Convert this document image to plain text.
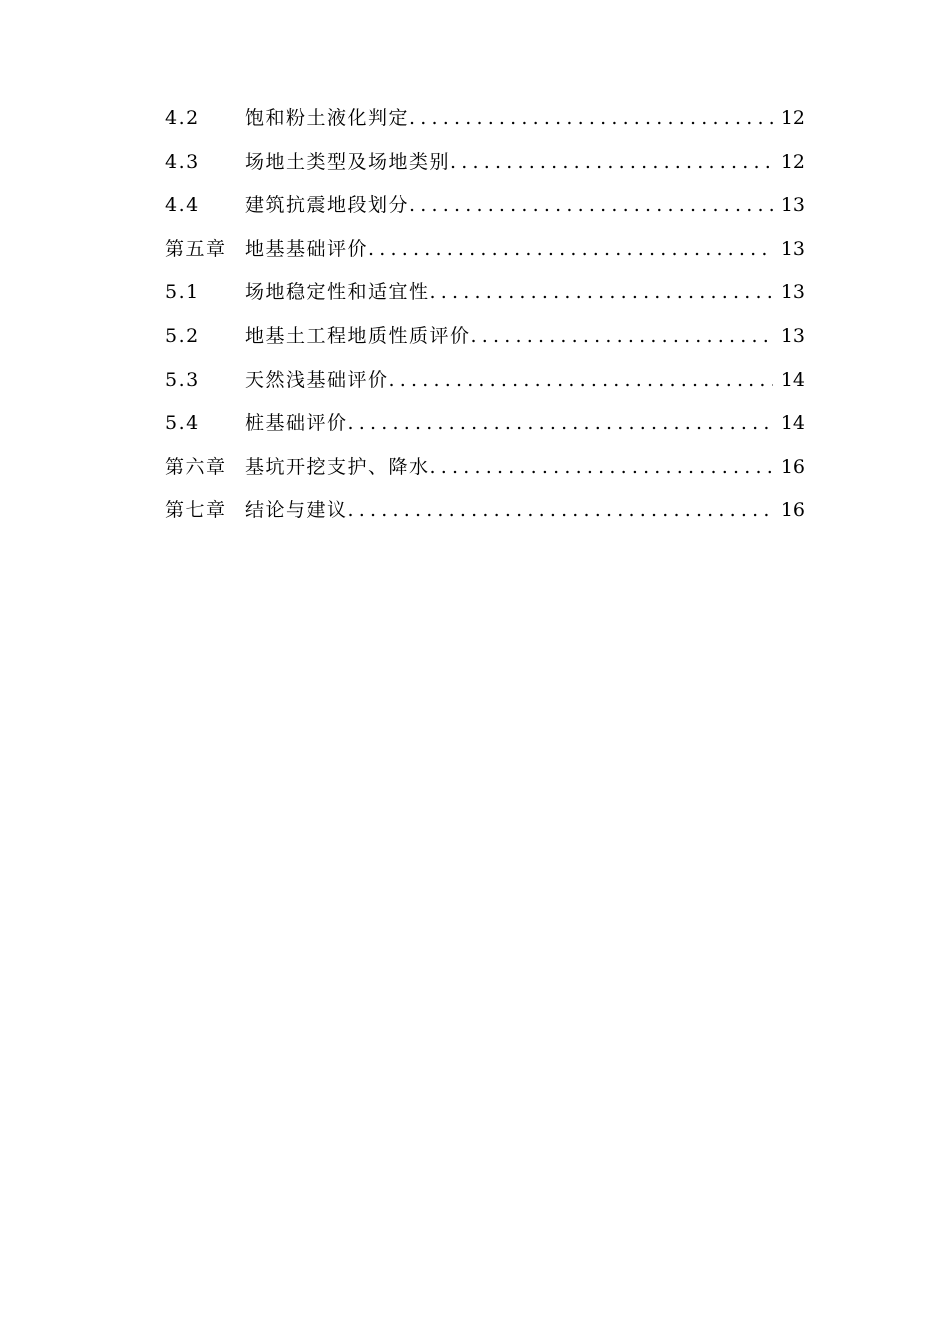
4.2	饱和粉土液化判定 .....	12
4.3	场地土类型及场地类别 .....	12
4.4	建筑抗震地段划分 .....	13
第五章 地基基础评价 .....	13
5.1	场地稳定性和适宜性 .....	13
5.2	地基土工程地质性质评价 .....	13
5.3	天然浅基础评价 .....	14
5.4	桩基础评价 .....	14
第六章 基坑开挖支护、降水 .....	16
第七章 结论与建议 .....	16
